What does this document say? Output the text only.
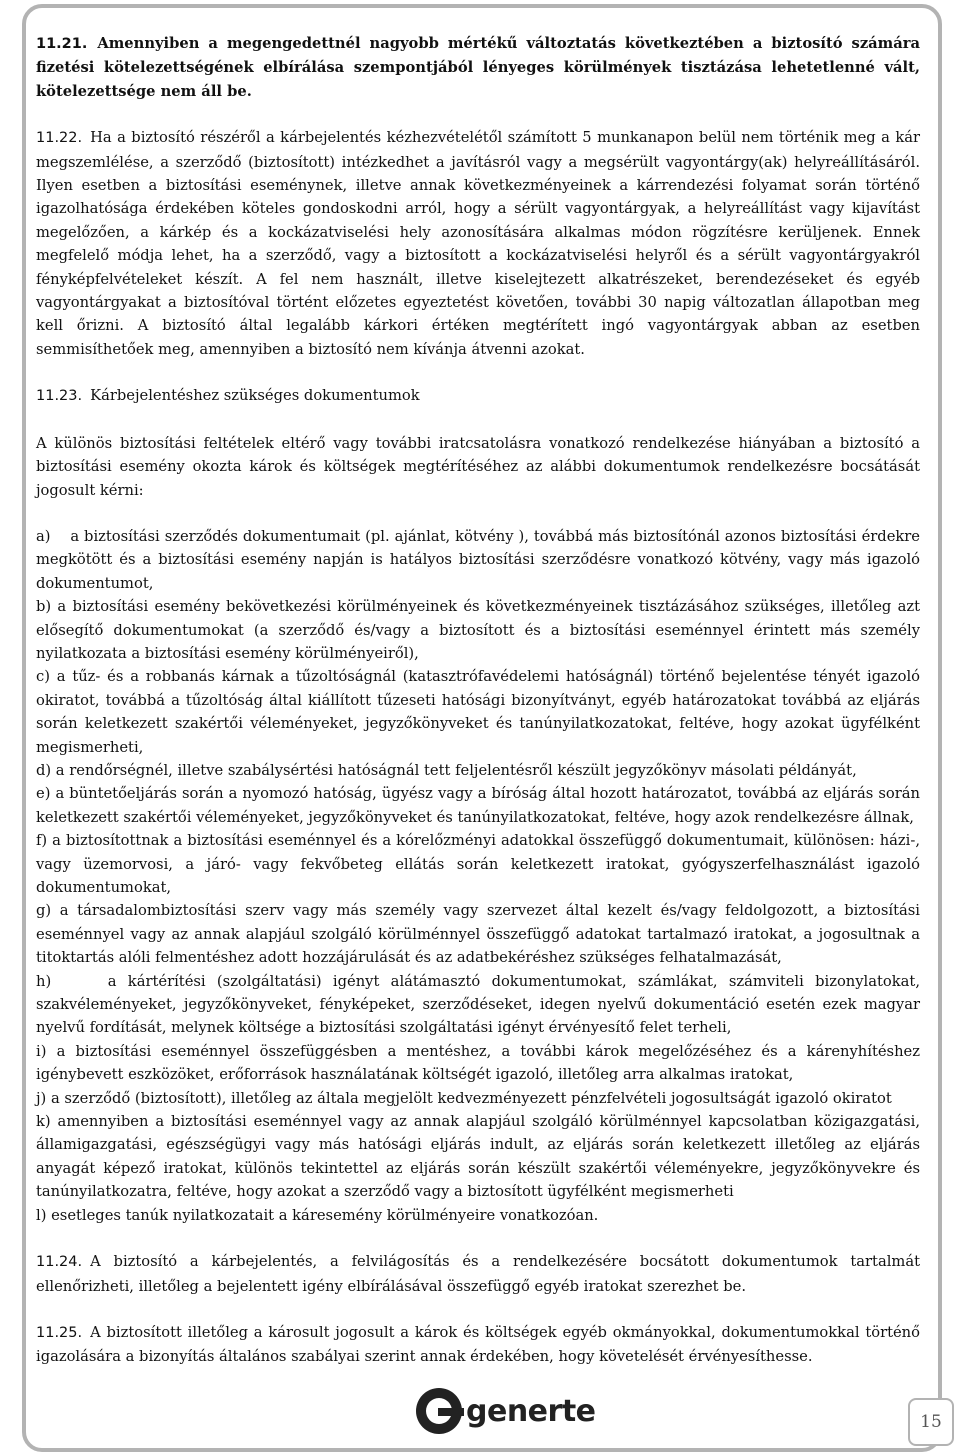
11.21. Amennyiben a megengedettnél nagyobb mértékű változtatás következtében a biztosító számára fizetési kötelezettségének elbírálása szempontjából lényeges körülmények tisztázása lehetetlenné vált, kötelezettsége nem áll be.

11.22. Ha a biztosító részéről a kárbejelentés kézhezvételétől számított 5 munkanapon belül nem történik meg a kár megszemlélése, a szerződő (biztosított) intézkedhet a javításról vagy a megsérült vagyontárgy(ak) helyreállításáról. Ilyen esetben a biztosítási eseménynek, illetve annak következményeinek a kárrendezési folyamat során történő igazolhatósága érdekében köteles gondoskodni arról, hogy a sérült vagyontárgyak, a helyreállítást vagy kijavítást megelőzően, a kárkép és a kockázatviselési hely azonosítására alkalmas módon rögzítésre kerüljenek. Ennek megfelelő módja lehet, ha a szerződő, vagy a biztosított a kockázatviselési helyről és a sérült vagyontárgyakról fényképfelvételeket készít. A fel nem használt, illetve kiselejtezett alkatrészeket, berendezéseket és egyéb vagyontárgyakat a biztosítóval történt előzetes egyeztetést követően, további 30 napig változatlan állapotban meg kell őrizni. A biztosító által legalább kárkori értéken megtérített ingó vagyontárgyak abban az esetben semmisíthetőek meg, amennyiben a biztosító nem kívánja átvenni azokat.

11.23. Kárbejelentéshez szükséges dokumentumok

A különös biztosítási feltételek eltérő vagy további iratcsatolásra vonatkozó rendelkezése hiányában a biztosító a biztosítási esemény okozta károk és költségek megtérítéséhez az alábbi dokumentumok rendelkezésre bocsátását jogosult kérni:

a)    a biztosítási szerződés dokumentumait (pl. ajánlat, kötvény ), továbbá más biztosítónál azonos biztosítási érdekre megkötött és a biztosítási esemény napján is hatályos biztosítási szerződésre vonatkozó kötvény, vagy más igazoló dokumentumot,

b) a biztosítási esemény bekövetkezési körülményeinek és következményeinek tisztázásához szükséges, illetőleg azt elősegítő dokumentumokat (a szerződő és/vagy a biztosított és a biztosítási eseménnyel érintett más személy nyilatkozata a biztosítási esemény körülményeiről),

c) a tűz- és a robbanás kárnak a tűzoltóságnál (katasztrófavédelemi hatóságnál) történő bejelentése tényét igazoló okiratot, továbbá a tűzoltóság által kiállított tűzeseti hatósági bizonyítványt, egyéb határozatokat továbbá az eljárás során keletkezett szakértői véleményeket, jegyzőkönyveket és tanúnyilatkozatokat, feltéve, hogy azokat ügyfélként megismerheti,

d) a rendőrségnél, illetve szabálysértési hatóságnál tett feljelentésről készült jegyzőkönyv másolati példányát,

e) a büntetőeljárás során a nyomozó hatóság, ügyész vagy a bíróság által hozott határozatot, továbbá az eljárás során keletkezett szakértői véleményeket, jegyzőkönyveket és tanúnyilatkozatokat, feltéve, hogy azok rendelkezésre állnak,

f) a biztosítottnak a biztosítási eseménnyel és a kórelőzményi adatokkal összefüggő dokumentumait, különösen: házi-, vagy üzemorvosi, a járó- vagy fekvőbeteg ellátás során keletkezett iratokat, gyógyszerfelhasználást igazoló dokumentumokat,

g) a társadalombiztosítási szerv vagy más személy vagy szervezet által kezelt és/vagy feldolgozott, a biztosítási eseménnyel vagy az annak alapjául szolgáló körülménnyel összefüggő adatokat tartalmazó iratokat, a jogosultnak a titoktartás alóli felmentéshez adott hozzájárulását és az adatbekéréshez szükséges felhatalmazását,

h)     a kártérítési (szolgáltatási) igényt alátámasztó dokumentumokat, számlákat, számviteli bizonylatokat, szakvéleményeket, jegyzőkönyveket, fényképeket, szerződéseket, idegen nyelvű dokumentáció esetén ezek magyar nyelvű fordítását, melynek költsége a biztosítási szolgáltatási igényt érvényesítő felet terheli,

i) a biztosítási eseménnyel összefüggésben a mentéshez, a további károk megelőzéséhez és a kárenyhítéshez igénybevett eszközöket, erőforrások használatának költségét igazoló, illetőleg arra alkalmas iratokat,

j) a szerződő (biztosított), illetőleg az általa megjelölt kedvezményezett pénzfelvételi jogosultságát igazoló okiratot

k) amennyiben a biztosítási eseménnyel vagy az annak alapjául szolgáló körülménnyel kapcsolatban közigazgatási, államigazgatási, egészségügyi vagy más hatósági eljárás indult, az eljárás során keletkezett illetőleg az eljárás anyagát képező iratokat, különös tekintettel az eljárás során készült szakértői véleményekre, jegyzőkönyvekre és tanúnyilatkozatra, feltéve, hogy azokat a szerződő vagy a biztosított ügyfélként megismerheti

l) esetleges tanúk nyilatkozatait a káresemény körülményeire vonatkozóan.

11.24. A biztosító a kárbejelentés, a felvilágosítás és a rendelkezésére bocsátott dokumentumok tartalmát ellenőrizheti, illetőleg a bejelentett igény elbírálásával összefüggő egyéb iratokat szerezhet be.

11.25. A biztosított illetőleg a károsult jogosult a károk és költségek egyéb okmányokkal, dokumentumokkal történő igazolására a bizonyítás általános szabályai szerint annak érdekében, hogy követelését érvényesíthesse.

generte	15
